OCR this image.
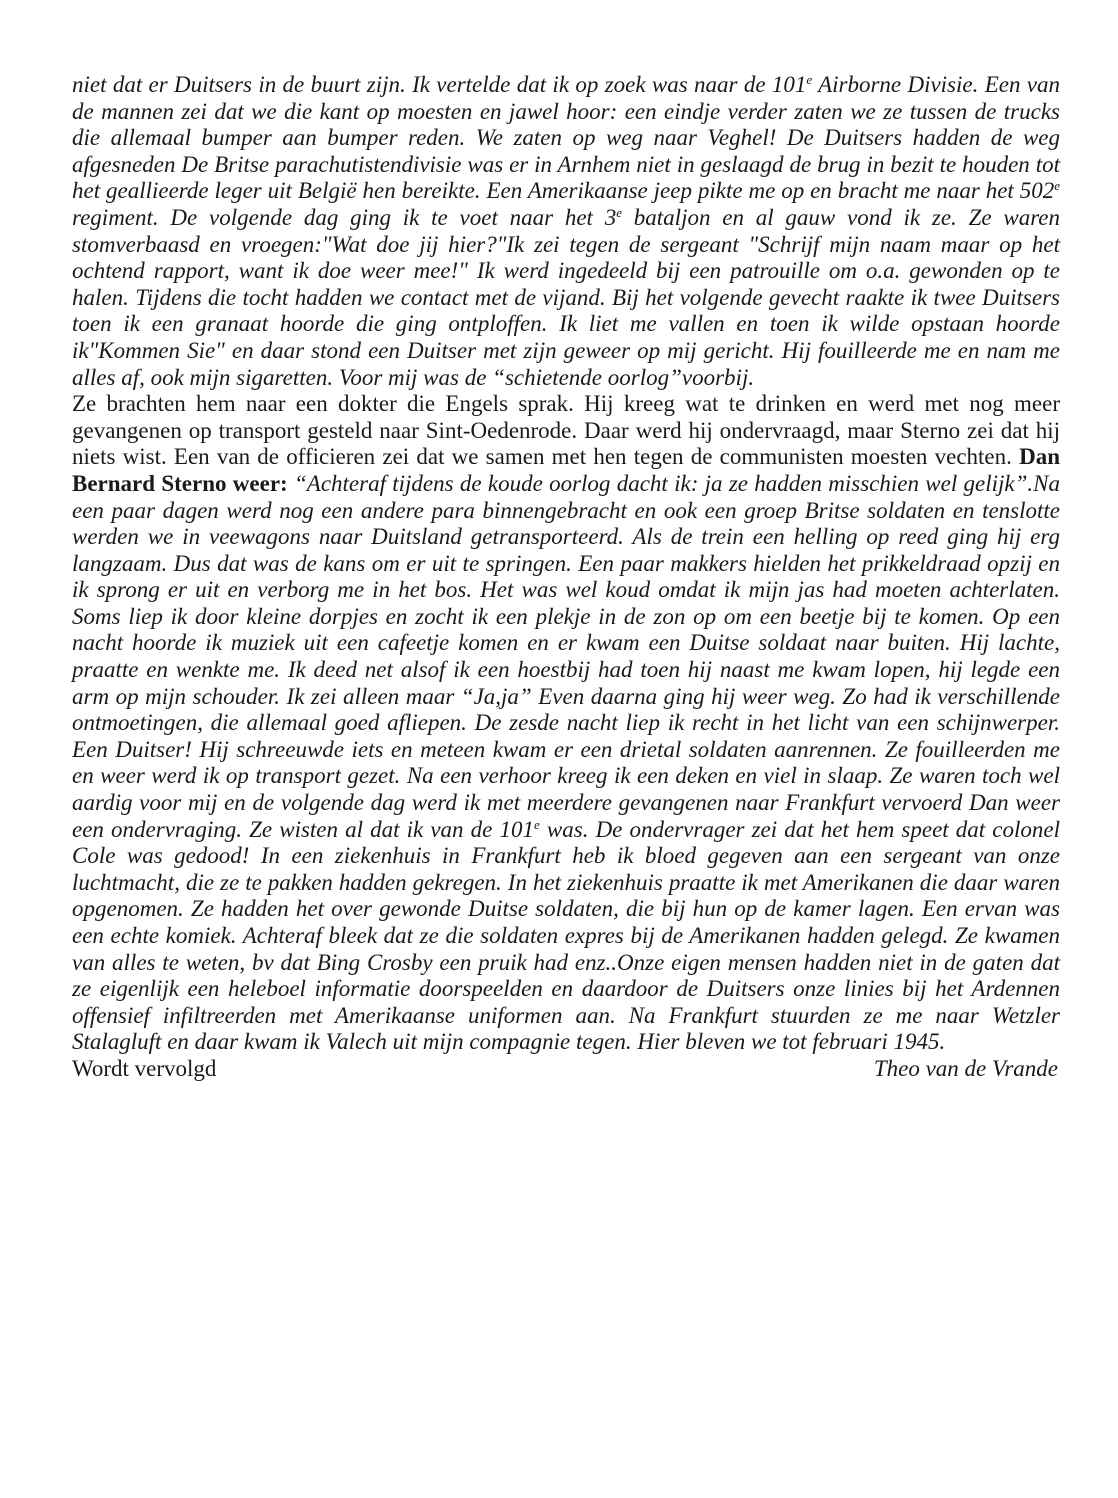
niet dat er Duitsers in de buurt zijn. Ik vertelde dat ik op zoek was naar de 101e Airborne Divisie. Een van de mannen zei dat we die kant op moesten en jawel hoor: een eindje verder zaten we ze tussen de trucks die allemaal bumper aan bumper reden. We zaten op weg naar Veghel! De Duitsers hadden de weg afgesneden De Britse parachutistendivisie was er in Arnhem niet in geslaagd de brug in bezit te houden tot het geallieerde leger uit België hen bereikte. Een Amerikaanse jeep pikte me op en bracht me naar het 502e regiment. De volgende dag ging ik te voet naar het 3e bataljon en al gauw vond ik ze. Ze waren stomverbaasd en vroegen:"Wat doe jij hier?"Ik zei tegen de sergeant "Schrijf mijn naam maar op het ochtend rapport, want ik doe weer mee!" Ik werd ingedeeld bij een patrouille om o.a. gewonden op te halen. Tijdens die tocht hadden we contact met de vijand. Bij het volgende gevecht raakte ik twee Duitsers toen ik een granaat hoorde die ging ontploffen. Ik liet me vallen en toen ik wilde opstaan hoorde ik"Kommen Sie" en daar stond een Duitser met zijn geweer op mij gericht. Hij fouilleerde me en nam me alles af, ook mijn sigaretten. Voor mij was de “schietende oorlog”voorbij.

Ze brachten hem naar een dokter die Engels sprak. Hij kreeg wat te drinken en werd met nog meer gevangenen op transport gesteld naar Sint-Oedenrode. Daar werd hij ondervraagd, maar Sterno zei dat hij niets wist. Een van de officieren zei dat we samen met hen tegen de communisten moesten vechten. Dan Bernard Sterno weer: “Achteraf tijdens de koude oorlog dacht ik: ja ze hadden misschien wel gelijk”.Na een paar dagen werd nog een andere para binnengebracht en ook een groep Britse soldaten en tenslotte werden we in veewagons naar Duitsland getransporteerd. Als de trein een helling op reed ging hij erg langzaam. Dus dat was de kans om er uit te springen. Een paar makkers hielden het prikkeldraad opzij en ik sprong er uit en verborg me in het bos. Het was wel koud omdat ik mijn jas had moeten achterlaten. Soms liep ik door kleine dorpjes en zocht ik een plekje in de zon op om een beetje bij te komen. Op een nacht hoorde ik muziek uit een cafeetje komen en er kwam een Duitse soldaat naar buiten. Hij lachte, praatte en wenkte me. Ik deed net alsof ik een hoestbij had toen hij naast me kwam lopen, hij legde een arm op mijn schouder. Ik zei alleen maar “Ja,ja” Even daarna ging hij weer weg. Zo had ik verschillende ontmoetingen, die allemaal goed afliepen. De zesde nacht liep ik recht in het licht van een schijnwerper. Een Duitser! Hij schreeuwde iets en meteen kwam er een drietal soldaten aanrennen. Ze fouilleerden me en weer werd ik op transport gezet. Na een verhoor kreeg ik een deken en viel in slaap. Ze waren toch wel aardig voor mij en de volgende dag werd ik met meerdere gevangenen naar Frankfurt vervoerd Dan weer een ondervraging. Ze wisten al dat ik van de 101e was. De ondervrager zei dat het hem speet dat colonel Cole was gedood! In een ziekenhuis in Frankfurt heb ik bloed gegeven aan een sergeant van onze luchtmacht, die ze te pakken hadden gekregen. In het ziekenhuis praatte ik met Amerikanen die daar waren opgenomen. Ze hadden het over gewonde Duitse soldaten, die bij hun op de kamer lagen. Een ervan was een echte komiek. Achteraf bleek dat ze die soldaten expres bij de Amerikanen hadden gelegd. Ze kwamen van alles te weten, bv dat Bing Crosby een pruik had enz..Onze eigen mensen hadden niet in de gaten dat ze eigenlijk een heleboel informatie doorspeelden en daardoor de Duitsers onze linies bij het Ardennen offensief infiltreerden met Amerikaanse uniformen aan. Na Frankfurt stuurden ze me naar Wetzler Stalagluft en daar kwam ik Valech uit mijn compagnie tegen. Hier bleven we tot februari 1945.

Wordt vervolgd	Theo van de Vrande
